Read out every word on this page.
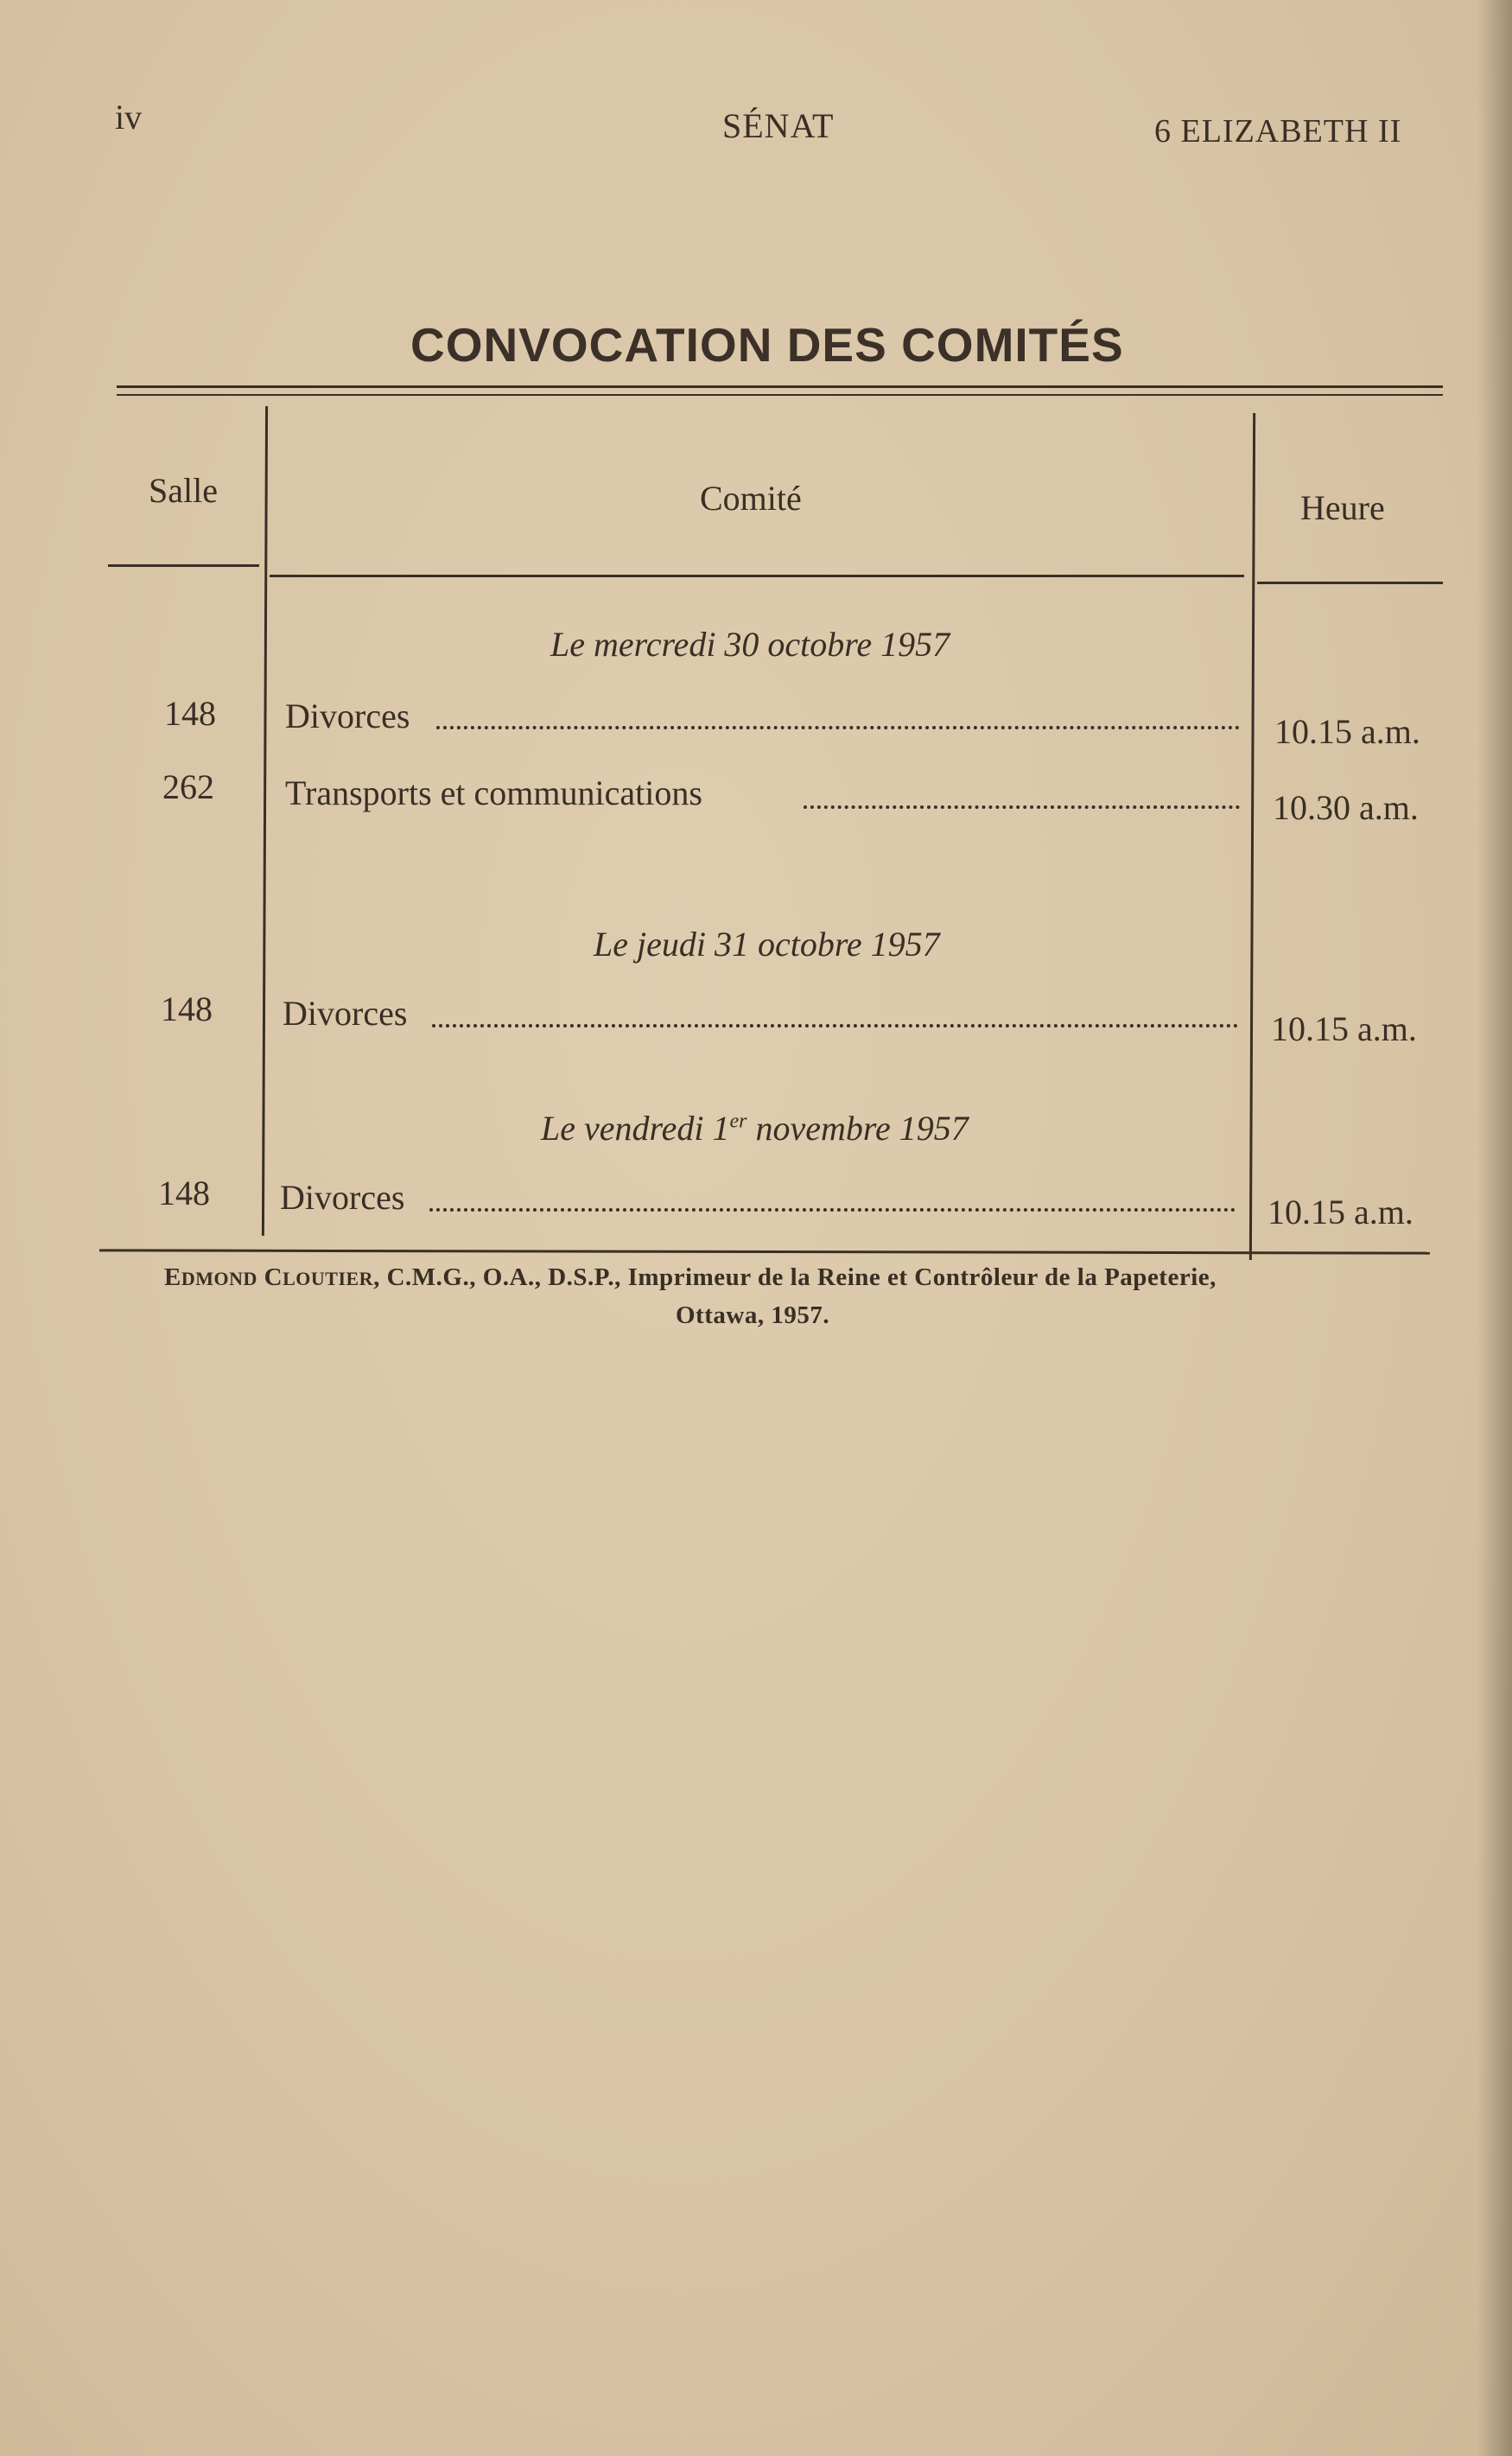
iv	SÉNAT	6 ELIZABETH II
CONVOCATION DES COMITÉS
Salle	Comité	Heure
Le mercredi 30 octobre 1957
148 Divorces	10.15 a.m.
262 Transports et communications	10.30 a.m.
Le jeudi 31 octobre 1957
148 Divorces	10.15 a.m.
Le vendredi 1er novembre 1957
148 Divorces	10.15 a.m.
EDMOND CLOUTIER, C.M.G., O.A., D.S.P., Imprimeur de la Reine et Contrôleur de la Papeterie,
Ottawa, 1957.
